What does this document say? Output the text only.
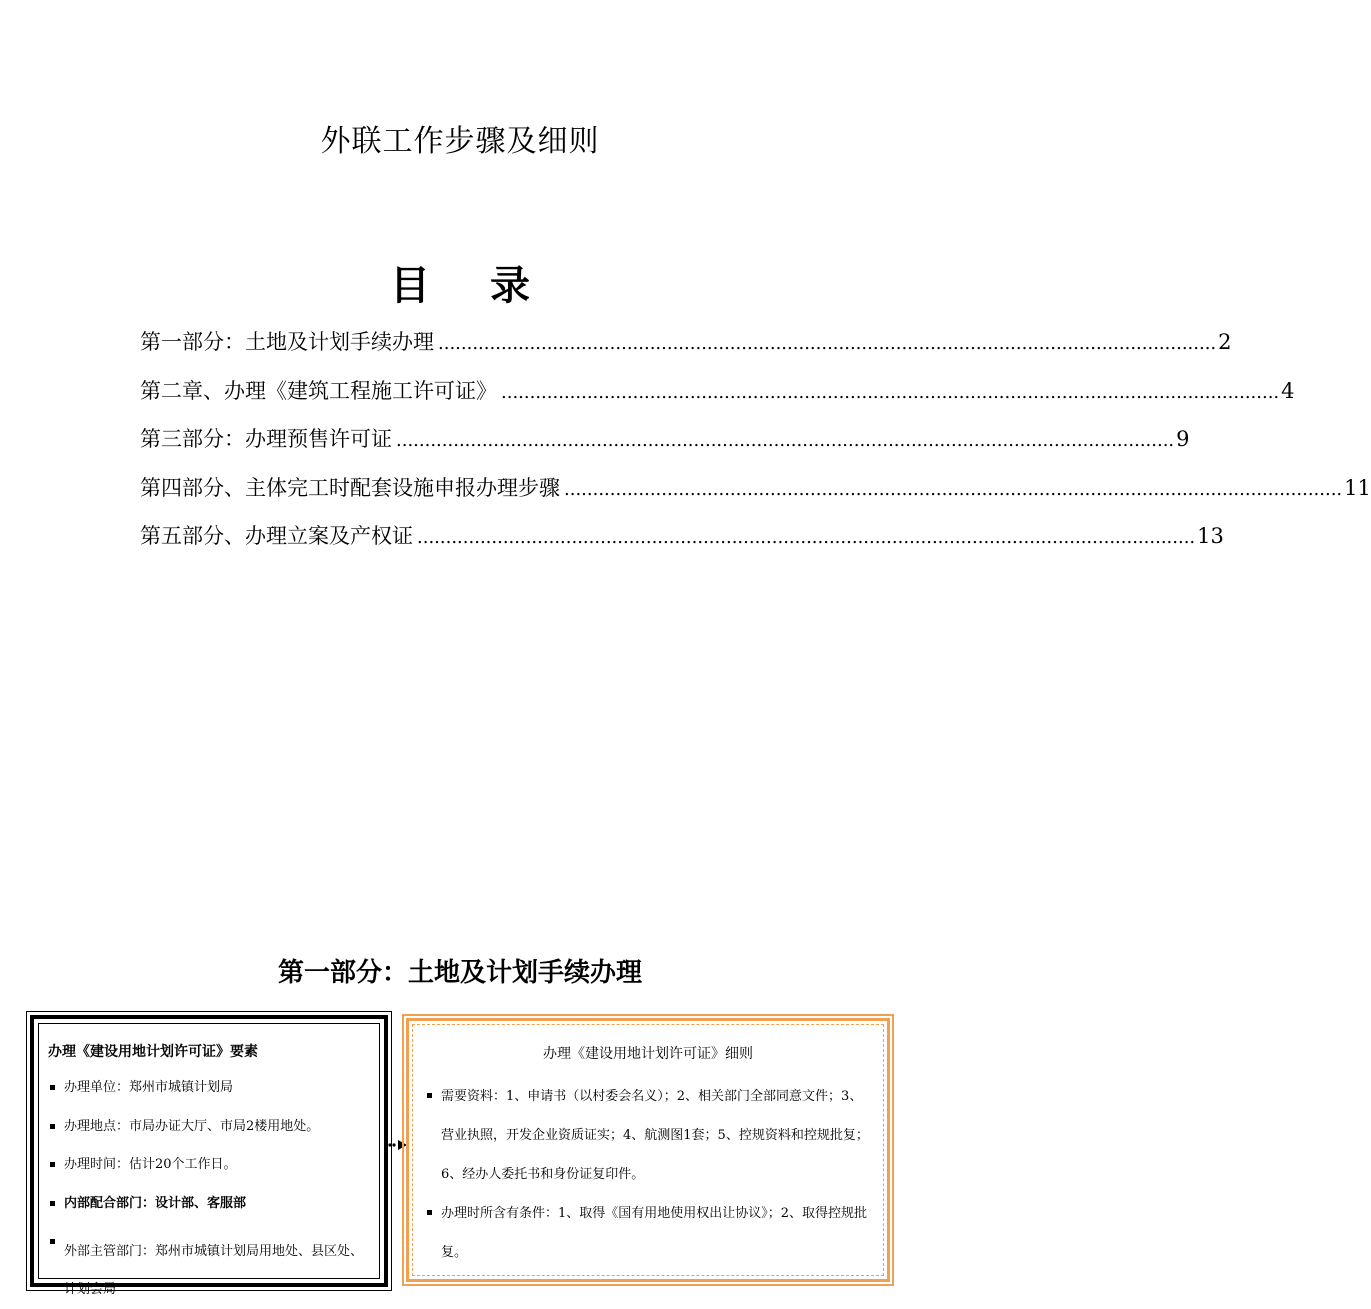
外联工作步骤及细则
目 录
第一部分：土地及计划手续办理 .....	2
第二章、办理《建筑工程施工许可证》 .....	4
第三部分：办理预售许可证 .....	9
第四部分、主体完工时配套设施申报办理步骤 .....	11
第五部分、办理立案及产权证 .....	13
第一部分：土地及计划手续办理
办理《建设用地计划许可证》要素
办理单位：郑州市城镇计划局
办理地点：市局办证大厅、市局2楼用地处。
办理时间：估计20个工作日。
内部配合部门：设计部、客服部
外部主管部门：郑州市城镇计划局用地处、县区处、计划会局
办理《建设用地计划许可证》细则
需要资料：1、申请书（以村委会名义）；2、相关部门全部同意文件；3、营业执照，开发企业资质证实；4、航测图1套；5、控规资料和控规批复；6、经办人委托书和身份证复印件。
办理时所含有条件：1、取得《国有用地使用权出让协议》；2、取得控规批复。
